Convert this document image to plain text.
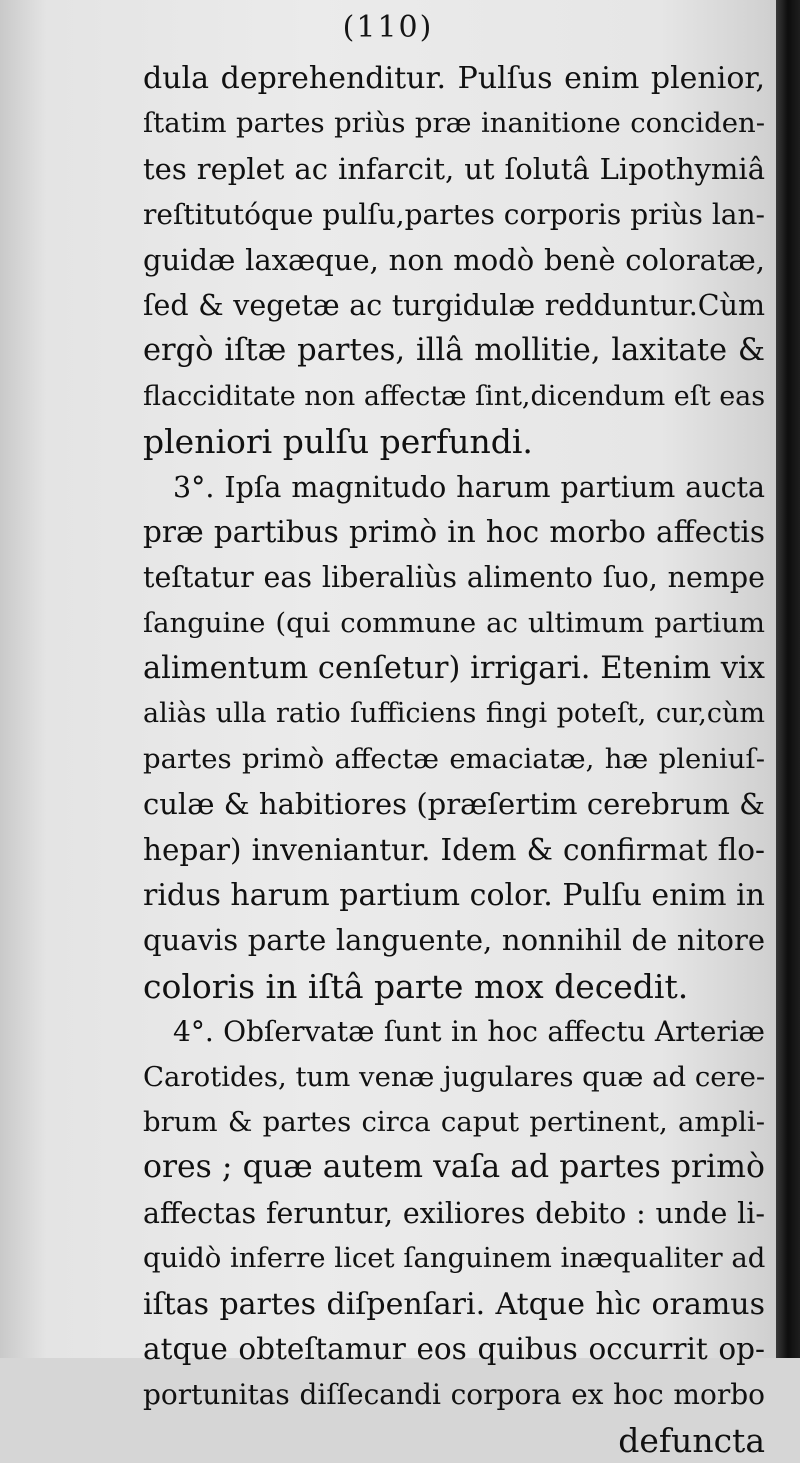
(110)
dula deprehenditur. Pulſus enim plenior,
ſtatim partes priùs præ inanitione conciden-
tes replet ac infarcit, ut ſolutâ Lipothymiâ
reſtitutóque pulſu,partes corporis priùs lan-
guidæ laxæque, non modò benè coloratæ,
ſed & vegetæ ac turgidulæ redduntur.Cùm
ergò iſtæ partes, illâ mollitie, laxitate &
flacciditate non affectæ ſint,dicendum eſt eas
pleniori pulſu perfundi.
3°. Ipſa magnitudo harum partium aucta
præ partibus primò in hoc morbo affectis
teſtatur eas liberaliùs alimento ſuo, nempe
ſanguine (qui commune ac ultimum partium
alimentum cenſetur) irrigari. Etenim vix
aliàs ulla ratio ſufficiens fingi poteſt, cur,cùm
partes primò affectæ emaciatæ, hæ pleniuſ-
culæ & habitiores (præſertim cerebrum &
hepar) inveniantur. Idem & confirmat flo-
ridus harum partium color. Pulſu enim in
quavis parte languente, nonnihil de nitore
coloris in iſtâ parte mox decedit.
4°. Obſervatæ ſunt in hoc affectu Arteriæ
Carotides, tum venæ jugulares quæ ad cere-
brum & partes circa caput pertinent, ampli-
ores ; quæ autem vaſa ad partes primò
affectas feruntur, exiliores debito : unde li-
quidò inferre licet ſanguinem inæqualiter ad
iſtas partes diſpenſari. Atque hìc oramus
atque obteſtamur eos quibus occurrit op-
portunitas diſſecandi corpora ex hoc morbo
defuncta
